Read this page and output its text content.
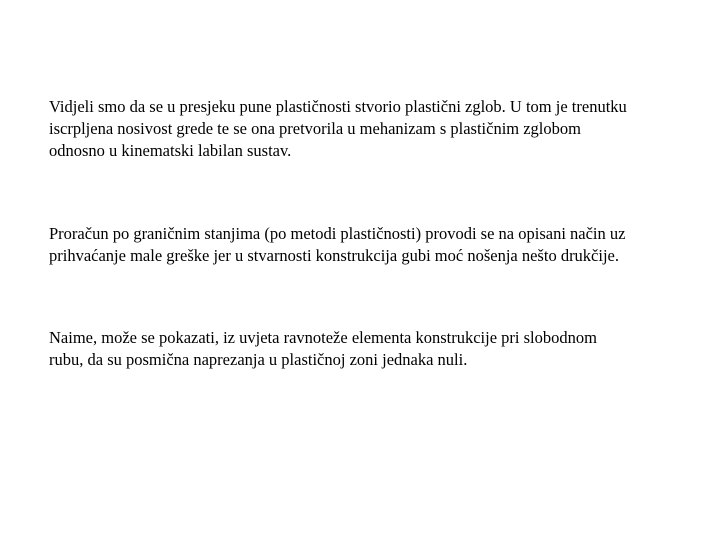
Vidjeli smo da se u presjeku pune plastičnosti stvorio plastični zglob. U tom je trenutku
iscrpljena nosivost grede te se ona pretvorila u mehanizam s plastičnim zglobom
odnosno u kinematski labilan sustav.

Proračun po graničnim stanjima (po metodi plastičnosti) provodi se na opisani način uz
prihvaćanje male greške jer u stvarnosti konstrukcija gubi moć nošenja nešto drukčije.

Naime, može se pokazati, iz uvjeta ravnoteže elementa konstrukcije pri slobodnom
rubu, da su posmična naprezanja u plastičnoj zoni jednaka nuli.
